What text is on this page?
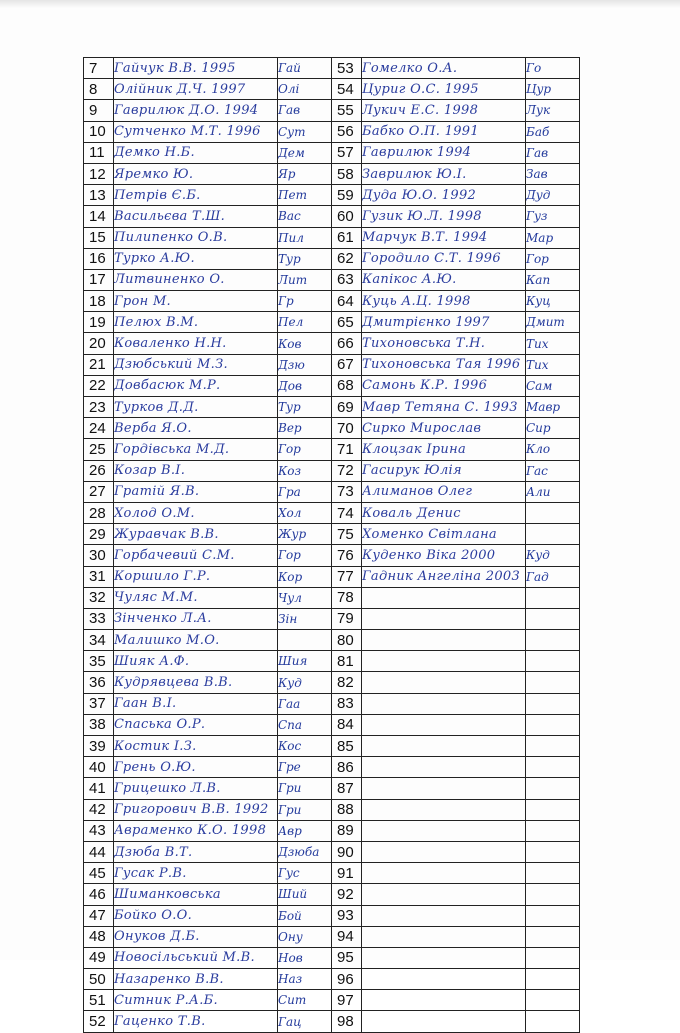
7	Гайчук В.В. 1995	Гай	53	Гомелко О.А.	Го
8	Олійник Д.Ч. 1997	Олі	54	Цуриг О.С. 1995	Цур
9	Гаврилюк Д.О. 1994	Гав	55	Лукич Е.С. 1998	Лук
10	Сутченко М.Т. 1996	Сут	56	Бабко О.П. 1991	Баб
11	Демко Н.Б.	Дем	57	Гаврилюк 1994	Гав
12	Яремко Ю.	Яр	58	Заврилюк Ю.І.	Зав
13	Петрів Є.Б.	Пет	59	Дуда Ю.О. 1992	Дуд
14	Васильєва Т.Ш.	Вас	60	Гузик Ю.Л. 1998	Гуз
15	Пилипенко О.В.	Пил	61	Марчук В.Т. 1994	Мар
16	Турко А.Ю.	Тур	62	Городило С.Т. 1996	Гор
17	Литвиненко О.	Лит	63	Капікос А.Ю.	Кап
18	Грон М.	Гр	64	Куць А.Ц. 1998	Куц
19	Пелюх В.М.	Пел	65	Дмитрієнко 1997	Дмит
20	Коваленко Н.Н.	Ков	66	Тихоновська Т.Н.	Тих
21	Дзюбський М.З.	Дзю	67	Тихоновська Тая 1996	Тих
22	Довбасюк М.Р.	Дов	68	Самонь К.Р. 1996	Сам
23	Турков Д.Д.	Тур	69	Мавр Тетяна С. 1993	Мавр
24	Верба Я.О.	Вер	70	Сирко Мирослав	Сир
25	Гордівська М.Д.	Гор	71	Клоцзак Ірина	Кло
26	Козар В.І.	Коз	72	Гасирук Юлія	Гас
27	Гратій Я.В.	Гра	73	Алиманов Олег	Али
28	Холод О.М.	Хол	74	Коваль Денис	
29	Журавчак В.В.	Жур	75	Хоменко Світлана	
30	Горбачевий С.М.	Гор	76	Куденко Віка 2000	Куд
31	Коршило Г.Р.	Кор	77	Гадник Ангеліна 2003	Гад
32	Чуляс М.М.	Чул	78		
33	Зінченко Л.А.	Зін	79		
34	Малишко М.О.		80		
35	Шияк А.Ф.	Шия	81		
36	Кудрявцева В.В.	Куд	82		
37	Гаан В.І.	Гаа	83		
38	Спаська О.Р.	Спа	84		
39	Костик І.З.	Кос	85		
40	Грень О.Ю.	Гре	86		
41	Грицешко Л.В.	Гри	87		
42	Григорович В.В. 1992	Гри	88		
43	Авраменко К.О. 1998	Авр	89		
44	Дзюба В.Т.	Дзюба	90		
45	Гусак Р.В.	Гус	91		
46	Шиманковська	Ший	92		
47	Бойко О.О.	Бой	93		
48	Онуков Д.Б.	Ону	94		
49	Новосільський М.В.	Нов	95		
50	Назаренко В.В.	Наз	96		
51	Ситник Р.А.Б.	Сит	97		
52	Гаценко Т.В.	Гац	98		
